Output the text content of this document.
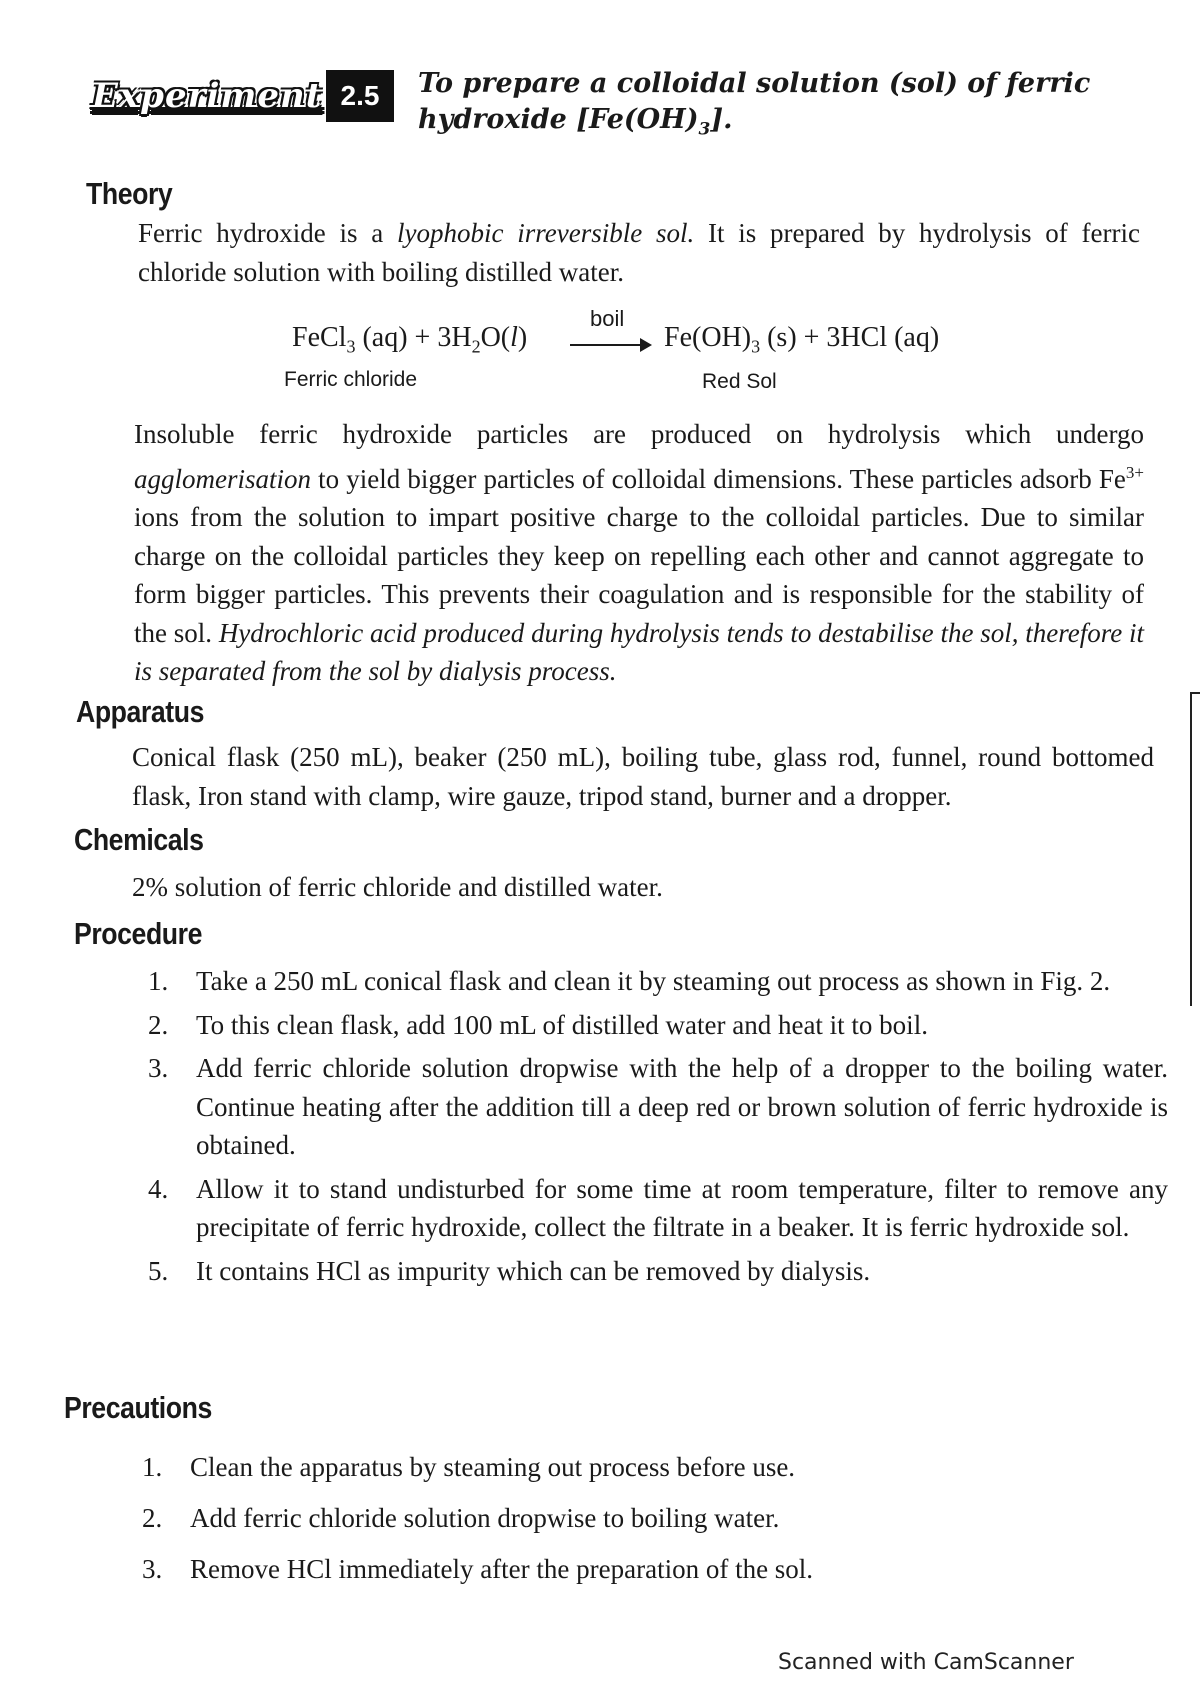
Experiment 2.5	To prepare a colloidal solution (sol) of ferric hydroxide $[Fe(OH)_3]$.
Theory
Ferric hydroxide is a lyophobic irreversible sol. It is prepared by hydrolysis of ferric chloride solution with boiling distilled water.
FeCl$_3$ $(aq) + 3H_2O(l)$
boil
$Fe(OH)_3$ (s) + 3HCl (aq)
Ferric chloride	Red Sol
Insoluble ferric hydroxide particles are produced on hydrolysis which undergo agglomerisation to yield bigger particles of colloidal dimensions. These particles adsorb $Fe^{3+}$ ions from the solution to impart positive charge to the colloidal particles. Due to similar charge on the colloidal particles they keep on repelling each other and cannot aggregate to form bigger particles. This prevents their coagulation and is responsible for the stability of the sol. Hydrochloric acid produced during hydrolysis tends to destabilise the sol, therefore it is separated from the sol by dialysis process.
Apparatus
Conical flask (250 mL), beaker (250 mL), boiling tube, glass rod, funnel, round bottomed flask, Iron stand with clamp, wire gauze, tripod stand, burner and a dropper.
Chemicals
2% solution of ferric chloride and distilled water.
Procedure
1. Take a 250 mL conical flask and clean it by steaming out process as shown in Fig. 2.
2. To this clean flask, add 100 mL of distilled water and heat it to boil.
3. Add ferric chloride solution dropwise with the help of a dropper to the boiling water. Continue heating after the addition till a deep red or brown solution of ferric hydroxide is obtained.
4. Allow it to stand undisturbed for some time at room temperature, filter to remove any precipitate of ferric hydroxide, collect the filtrate in a beaker. It is ferric hydroxide sol.
5. It contains HCl as impurity which can be removed by dialysis.
Precautions
1. Clean the apparatus by steaming out process before use.
2. Add ferric chloride solution dropwise to boiling water.
3. Remove HCl immediately after the preparation of the sol.
Scanned with CamScanner
